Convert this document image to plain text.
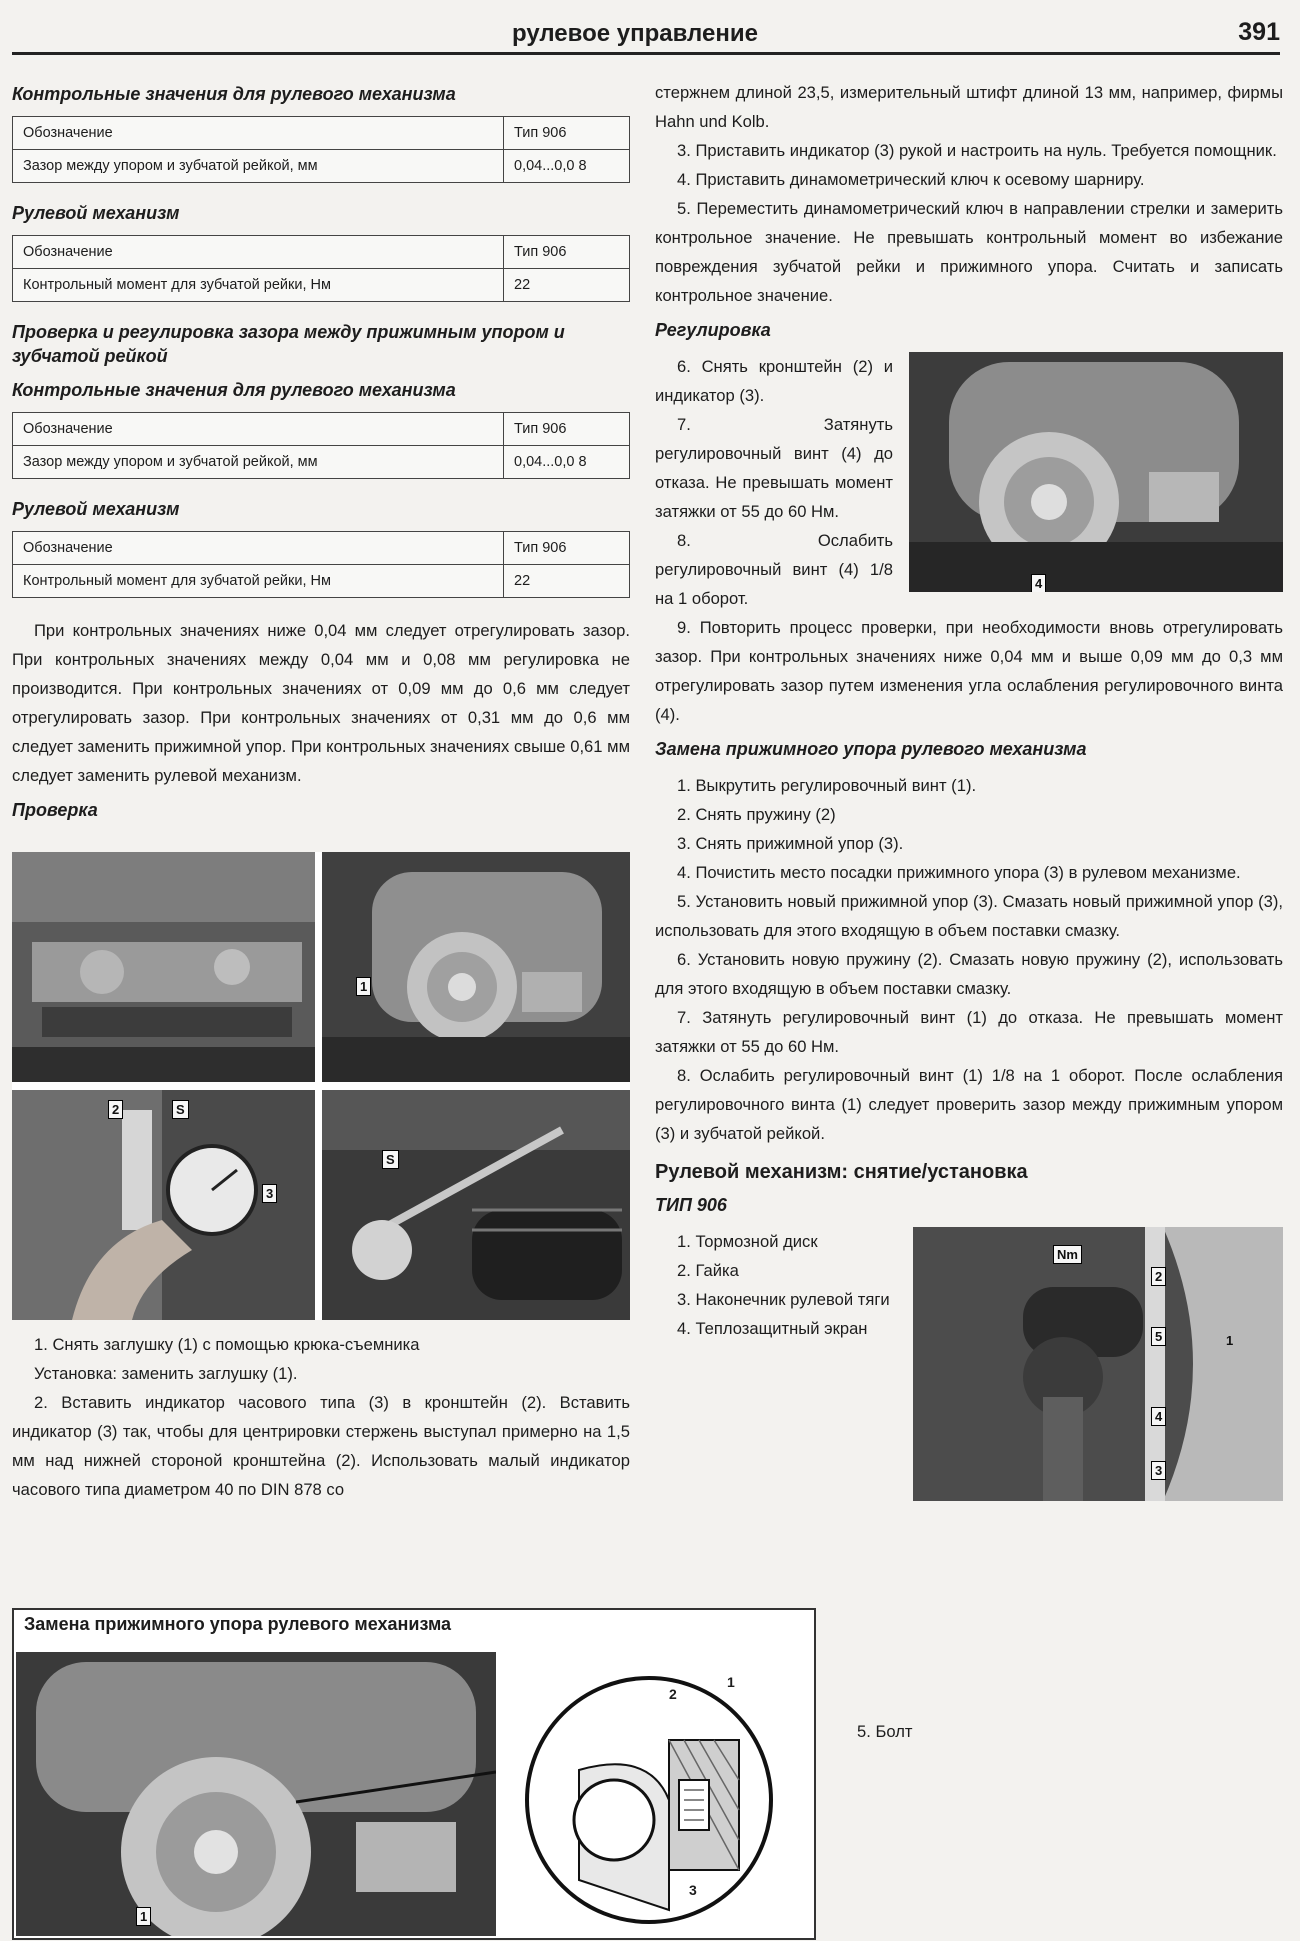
рулевое управление	391
Контрольные значения для рулевого механизма
Обозначение	Тип 906
Зазор между упором и зубчатой рейкой, мм	0,04...0,0 8
Рулевой механизм
Обозначение	Тип 906
Контрольный момент для зубчатой рейки, Нм	22
Проверка и регулировка зазора между прижимным упором и зубчатой рейкой
Контрольные значения для рулевого механизма
Обозначение	Тип 906
Зазор между упором и зубчатой рейкой, мм	0,04...0,0 8
Рулевой механизм
Обозначение	Тип 906
Контрольный момент для зубчатой рейки, Нм	22

При контрольных значениях ниже 0,04 мм следует отрегулировать зазор. При контрольных значениях между 0,04 мм и 0,08 мм регулировка не производится. При контрольных значениях от 0,09 мм до 0,6 мм следует отрегулировать зазор. При контрольных значениях от 0,31 мм до 0,6 мм следует заменить прижимной упор. При контрольных значениях свыше 0,61 мм следует заменить рулевой механизм.

Проверка
1
2	S
3
S

1. Снять заглушку (1) с помощью крюка-съемника

Установка: заменить заглушку (1).

2. Вставить индикатор часового типа (3) в кронштейн (2). Вставить индикатор (3) так, чтобы для центрировки стержень выступал примерно на 1,5 мм над нижней стороной кронштейна (2). Использовать малый индикатор часового типа диаметром 40 по DIN 878 со

стержнем длиной 23,5, измерительный штифт длиной 13 мм, например, фирмы Hahn und Kolb.

3. Приставить индикатор (3) рукой и настроить на нуль. Требуется помощник.

4. Приставить динамометрический ключ к осевому шарниру.

5. Переместить динамометрический ключ в направлении стрелки и замерить контрольное значение. Не превышать контрольный момент во избежание повреждения зубчатой рейки и прижимного упора. Считать и записать контрольное значение.

Регулировка
4

6. Снять кронштейн (2) и индикатор (3).

7. Затянуть регулировочный винт (4) до отказа. Не превышать момент затяжки от 55 до 60 Нм.

8. Ослабить регулировочный винт (4) 1/8 на 1 оборот.

9. Повторить процесс проверки, при необходимости вновь отрегулировать зазор. При контрольных значениях ниже 0,04 мм и выше 0,09 мм до 0,3 мм отрегулировать зазор путем изменения угла ослабления регулировочного винта (4).

Замена прижимного упора рулевого механизма

1. Выкрутить регулировочный винт (1).

2. Снять пружину (2)

3. Снять прижимной упор (3).

4. Почистить место посадки прижимного упора (3) в рулевом механизме.

5. Установить новый прижимной упор (3). Смазать новый прижимной упор (3), использовать для этого входящую в объем поставки смазку.

6. Установить новую пружину (2). Смазать новую пружину (2), использовать для этого входящую в объем поставки смазку.

7. Затянуть регулировочный винт (1) до отказа. Не превышать момент затяжки от 55 до 60 Нм.

8. Ослабить регулировочный винт (1) 1/8 на 1 оборот. После ослабления регулировочного винта (1) следует проверить зазор между прижимным упором (3) и зубчатой рейкой.

Рулевой механизм: снятие/установка
ТИП 906
Nm
1
2
3
4
5

1. Тормозной диск

2. Гайка

3. Наконечник рулевой тяги

4. Теплозащитный экран

5. Болт
Замена прижимного упора рулевого механизма
1
1
2
3
